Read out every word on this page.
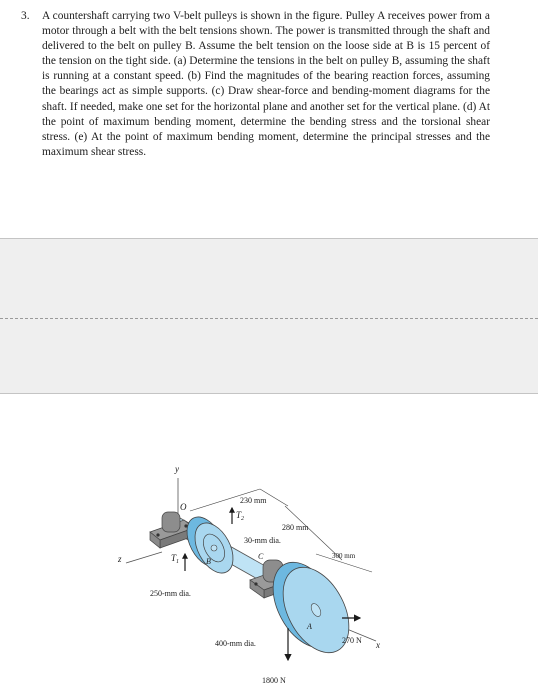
3. A countershaft carrying two V-belt pulleys is shown in the figure. Pulley A receives power from a motor through a belt with the belt tensions shown. The power is transmitted through the shaft and delivered to the belt on pulley B. Assume the belt tension on the loose side at B is 15 percent of the tension on the tight side. (a) Determine the tensions in the belt on pulley B, assuming the shaft is running at a constant speed. (b) Find the magnitudes of the bearing reaction forces, assuming the bearings act as simple supports. (c) Draw shear-force and bending-moment diagrams for the shaft. If needed, make one set for the horizontal plane and another set for the vertical plane. (d) At the point of maximum bending moment, determine the bending stress and the torsional shear stress. (e) At the point of maximum bending moment, determine the principal stresses and the maximum shear stress.
y
z
x
O
B
C
A
$T_1$
$T_2$
230 mm
280 mm
300 mm
30-mm dia.
250-mm dia.
400-mm dia.
1800 N
270 N
